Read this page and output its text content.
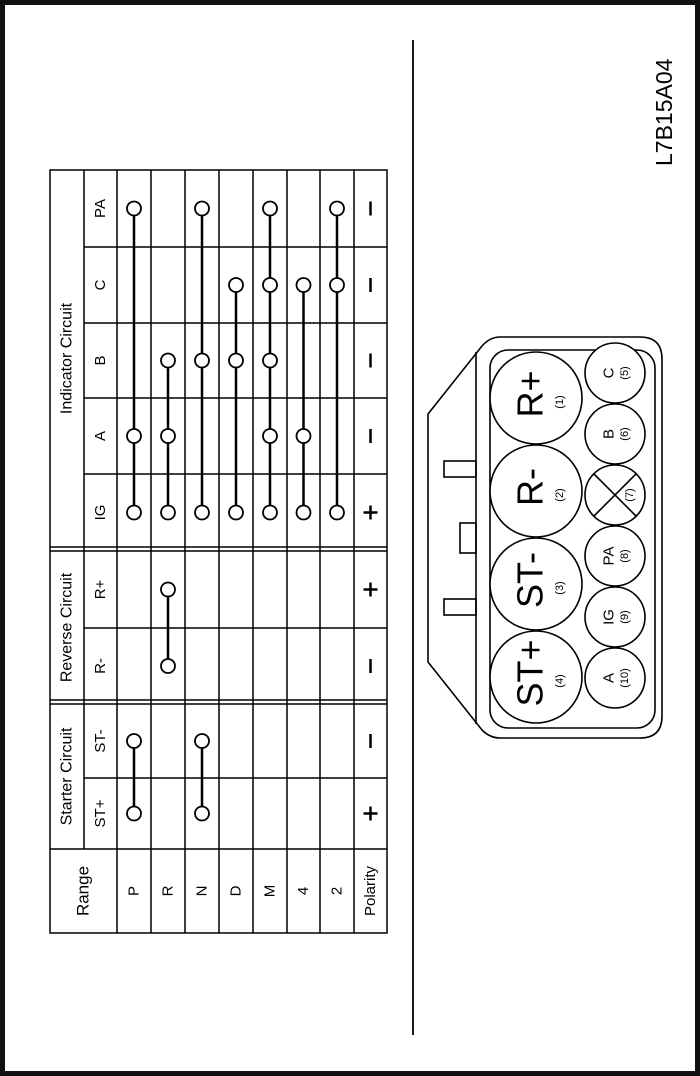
Starter Circuit ST+
ST-
Reverse Circuit R-
R+
Indicator Circuit
IG
A
B
C
PA
Range P R N D M 4 2 Polarity
R+ (1)
R- (2)
ST- (3)
ST+ (4)
C (5)
B (6)
(7)
PA (8)
IG (9)
A (10)
L7B15A04
